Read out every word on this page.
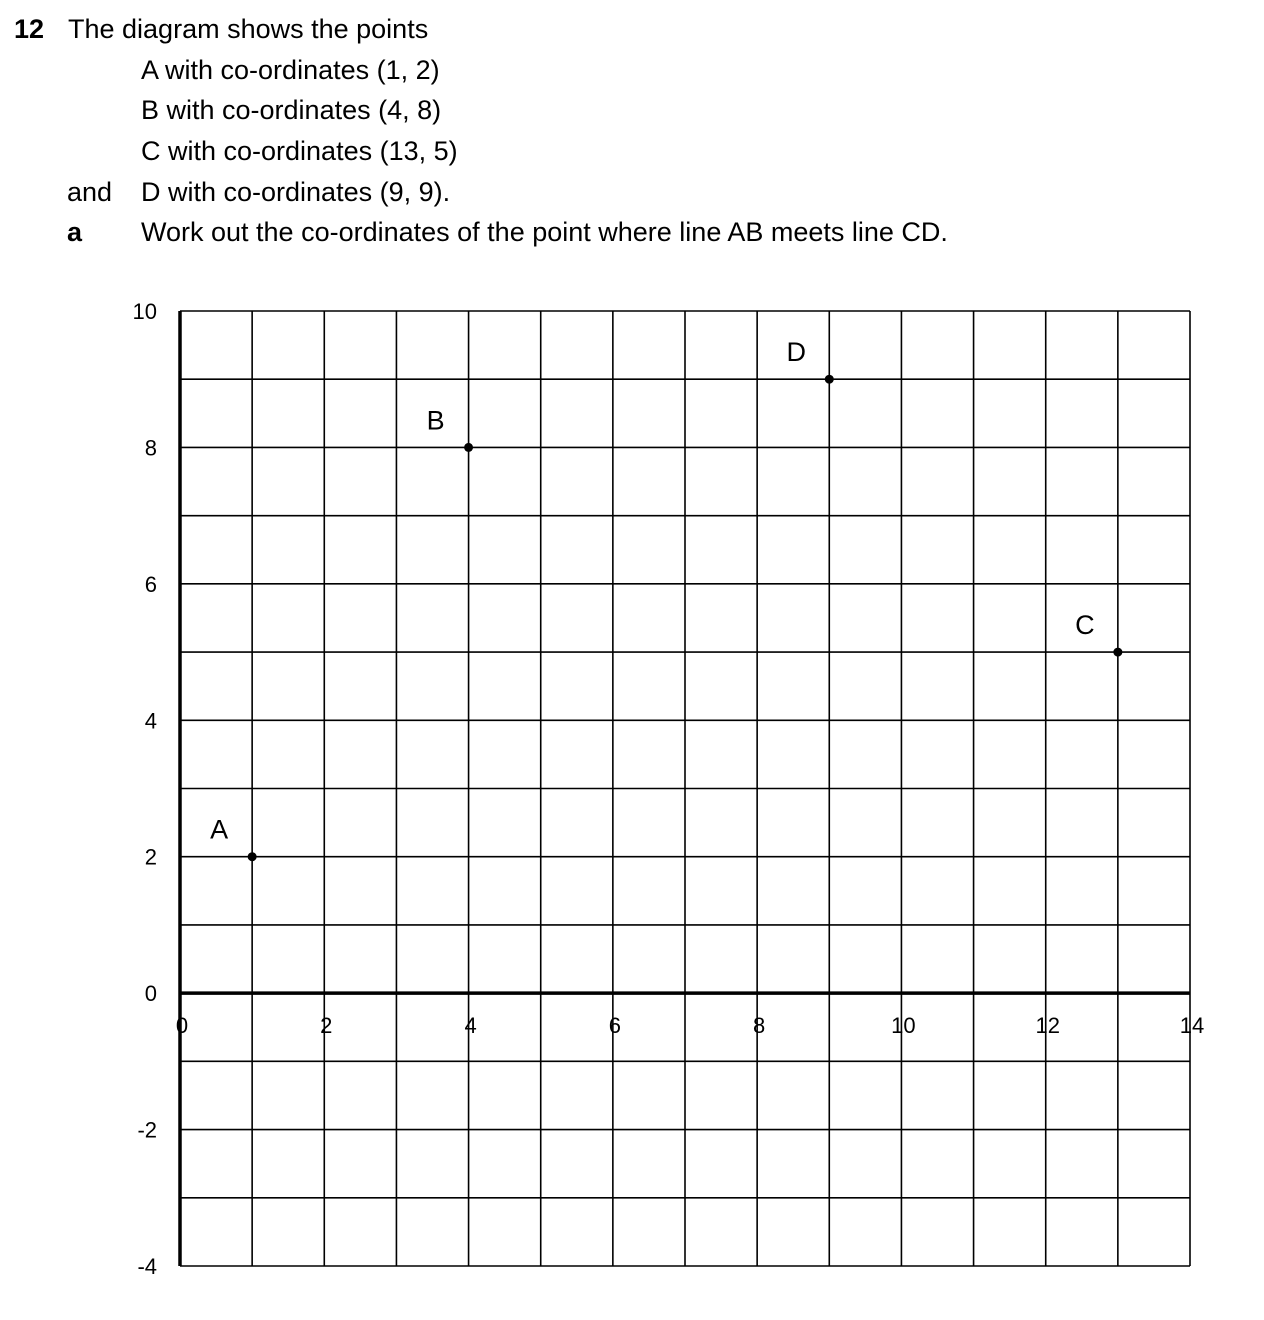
12 The diagram shows the points
A with co-ordinates (1, 2)
B with co-ordinates (4, 8)
C with co-ordinates (13, 5)
and D with co-ordinates (9, 9).
a Work out the co-ordinates of the point where line AB meets line CD.
0	2	4	6	8	10	12	14
10
8
6
4
2
0
-2
-4
A
B
C
D
